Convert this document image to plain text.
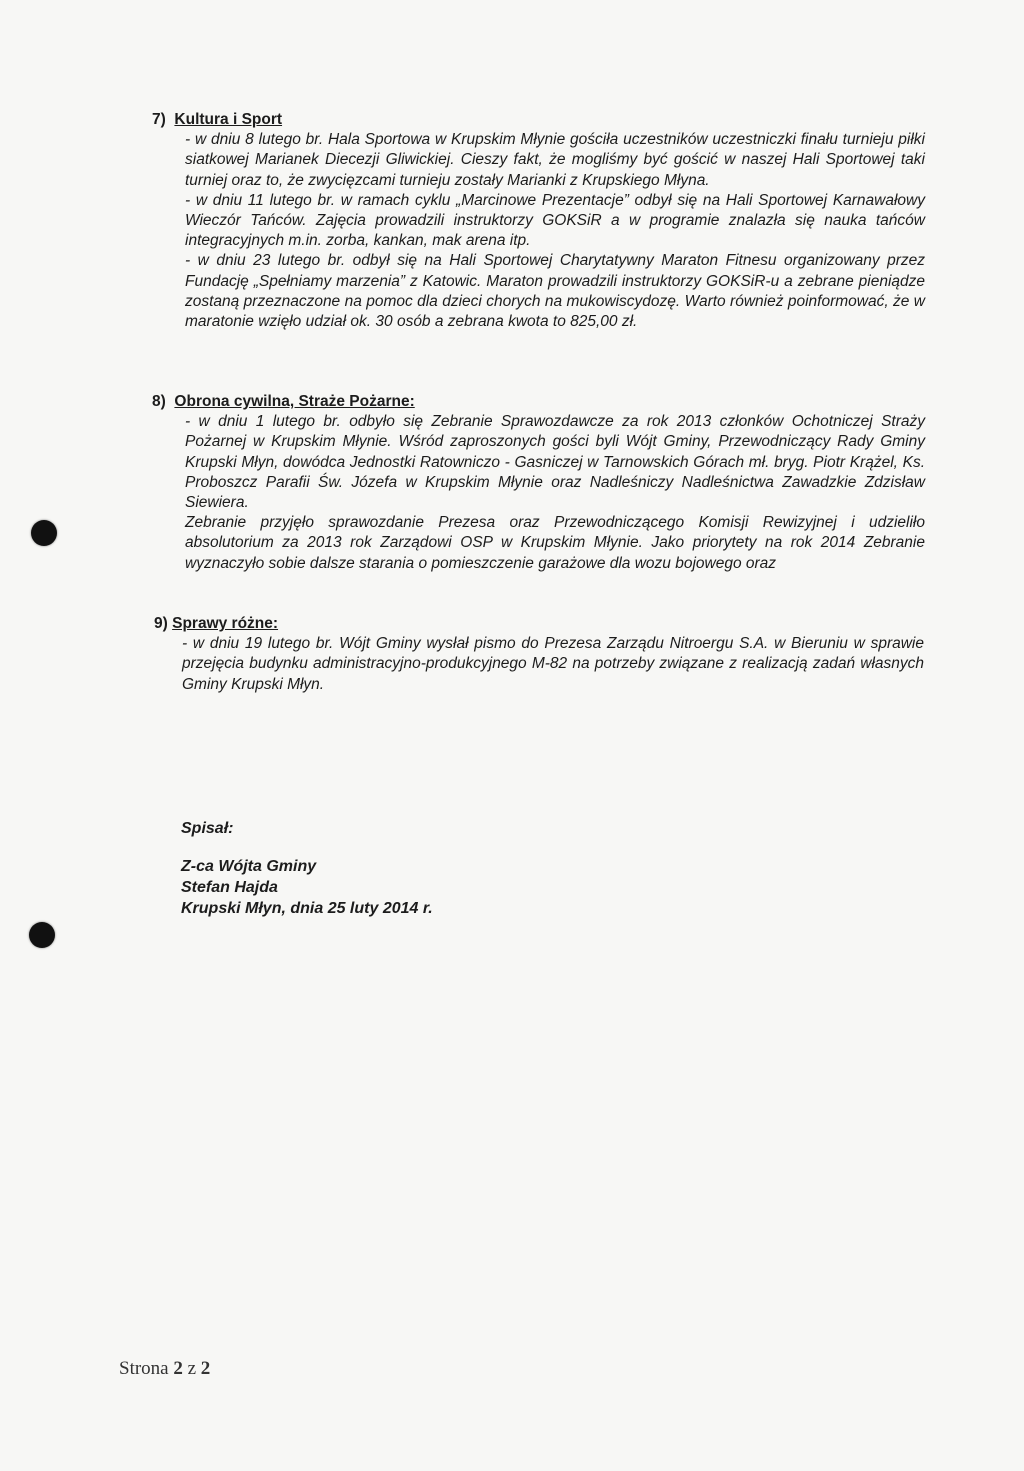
7) Kultura i Sport

- w dniu 8 lutego br. Hala Sportowa w Krupskim Młynie gościła uczestników uczestniczki finału turnieju piłki siatkowej Marianek Diecezji Gliwickiej. Cieszy fakt, że mogliśmy być gościć w naszej Hali Sportowej taki turniej oraz to, że zwycięzcami turnieju zostały Marianki z Krupskiego Młyna.

- w dniu 11 lutego br. w ramach cyklu „Marcinowe Prezentacje” odbył się na Hali Sportowej Karnawałowy Wieczór Tańców. Zajęcia prowadzili instruktorzy GOKSiR a w programie znalazła się nauka tańców integracyjnych m.in. zorba, kankan, mak arena itp.

- w dniu 23 lutego br. odbył się na Hali Sportowej Charytatywny Maraton Fitnesu organizowany przez Fundację „Spełniamy marzenia” z Katowic. Maraton prowadzili instruktorzy GOKSiR-u a zebrane pieniądze zostaną przeznaczone na pomoc dla dzieci chorych na mukowiscydozę. Warto również poinformować, że w maratonie wzięło udział ok. 30 osób a zebrana kwota to 825,00 zł.

8) Obrona cywilna, Straże Pożarne:

- w dniu 1 lutego br. odbyło się Zebranie Sprawozdawcze za rok 2013 członków Ochotniczej Straży Pożarnej w Krupskim Młynie. Wśród zaproszonych gości byli Wójt Gminy, Przewodniczący Rady Gminy Krupski Młyn, dowódca Jednostki Ratowniczo - Gasniczej w Tarnowskich Górach mł. bryg. Piotr Krążel, Ks. Proboszcz Parafii Św. Józefa w Krupskim Młynie oraz Nadleśniczy Nadleśnictwa Zawadzkie Zdzisław Siewiera.

Zebranie przyjęło sprawozdanie Prezesa oraz Przewodniczącego Komisji Rewizyjnej i udzieliło absolutorium za 2013 rok Zarządowi OSP w Krupskim Młynie. Jako priorytety na rok 2014 Zebranie wyznaczyło sobie dalsze starania o pomieszczenie garażowe dla wozu bojowego oraz

9) Sprawy różne:

- w dniu 19 lutego br. Wójt Gminy wysłał pismo do Prezesa Zarządu Nitroergu S.A. w Bieruniu w sprawie przejęcia budynku administracyjno-produkcyjnego M-82 na potrzeby związane z realizacją zadań własnych Gminy Krupski Młyn.

Spisał:
Z-ca Wójta Gminy
Stefan Hajda
Krupski Młyn, dnia 25 luty 2014 r.
Strona 2 z 2
